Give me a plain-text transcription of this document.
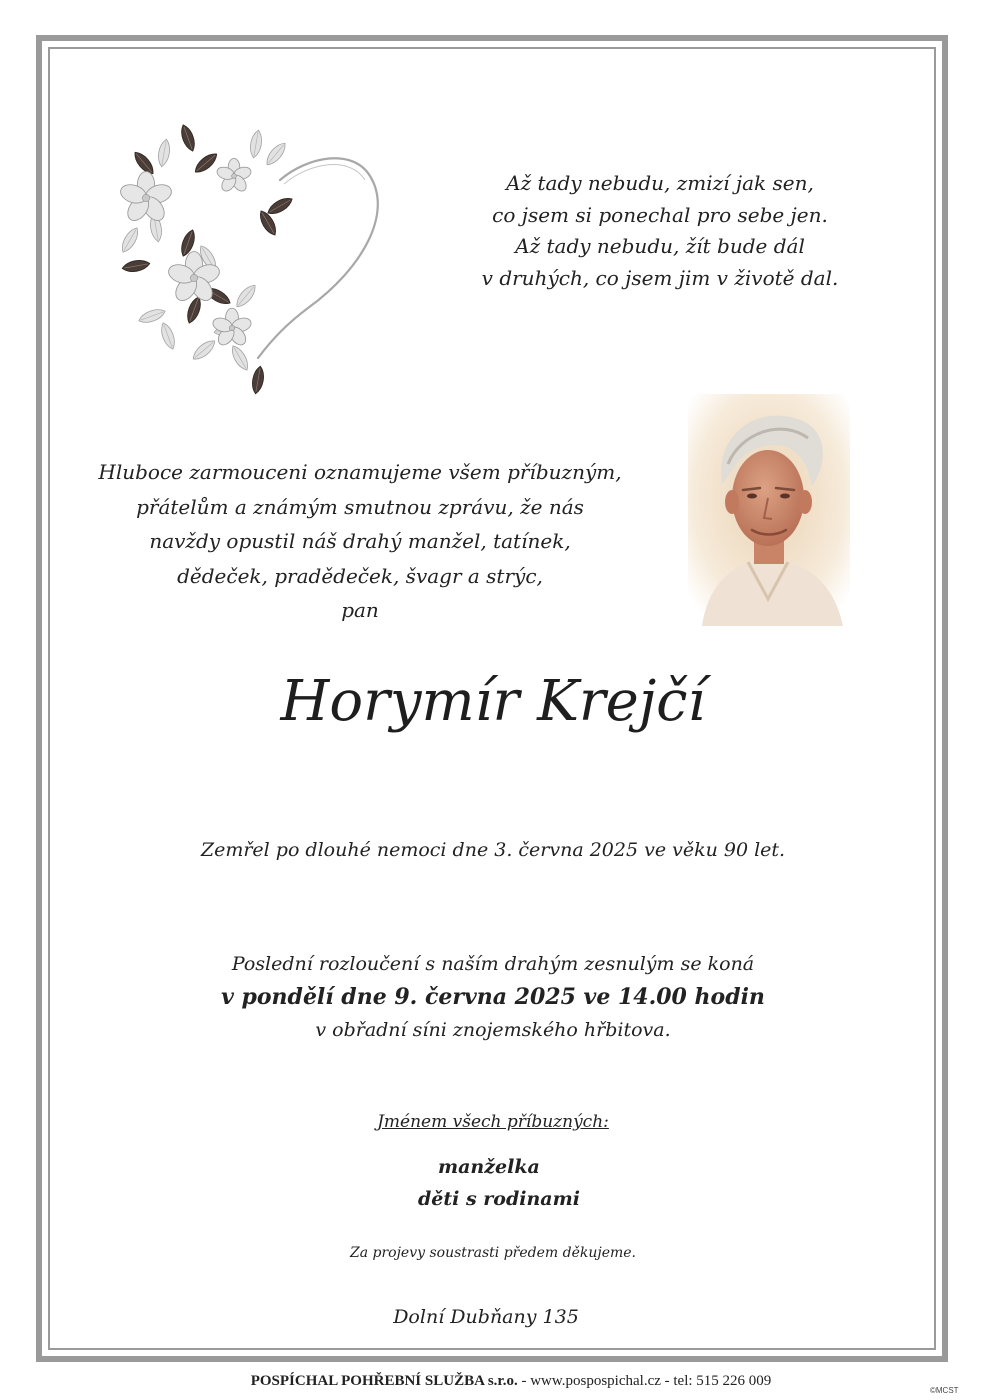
Až tady nebudu, zmizí jak sen,
co jsem si ponechal pro sebe jen.
Až tady nebudu, žít bude dál
v druhých, co jsem jim v životě dal.
Hluboce zarmouceni oznamujeme všem příbuzným,
přátelům a známým smutnou zprávu, že nás
navždy opustil náš drahý manžel, tatínek,
dědeček, pradědeček, švagr a strýc,
pan
Horymír Krejčí
Zemřel po dlouhé nemoci dne 3. června 2025 ve věku 90 let.
Poslední rozloučení s naším drahým zesnulým se koná
v pondělí dne 9. června 2025 ve 14.00 hodin
v obřadní síni znojemského hřbitova.
Jménem všech příbuzných:
manželka
děti s rodinami
Za projevy soustrasti předem děkujeme.
Dolní Dubňany 135
POSPÍCHAL POHŘEBNÍ SLUŽBA s.r.o. - www.pospospichal.cz - tel: 515 226 009
©MCST
